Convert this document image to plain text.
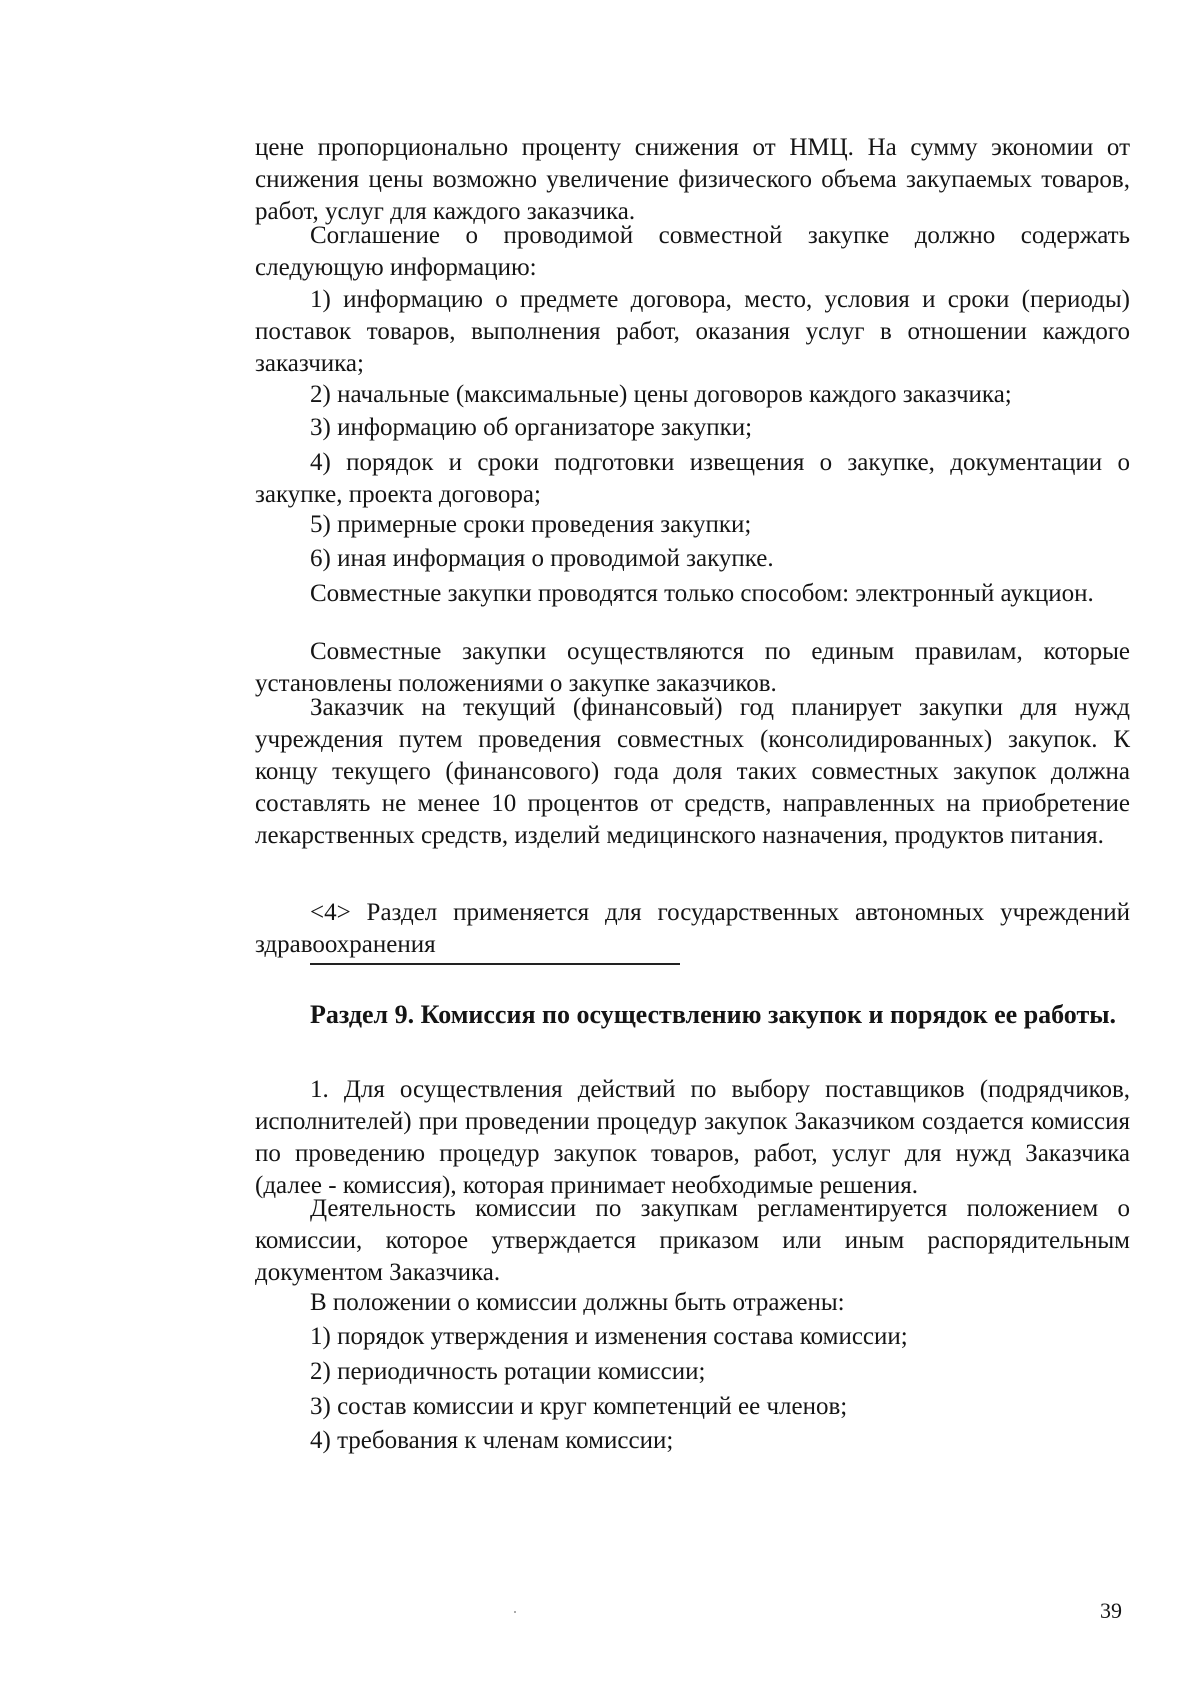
цене пропорционально проценту снижения от НМЦ. На сумму экономии от снижения цены возможно увеличение физического объема закупаемых товаров, работ, услуг для каждого заказчика.

Соглашение о проводимой совместной закупке должно содержать следующую информацию:

1) информацию о предмете договора, место, условия и сроки (периоды) поставок товаров, выполнения работ, оказания услуг в отношении каждого заказчика;

2) начальные (максимальные) цены договоров каждого заказчика;

3) информацию об организаторе закупки;

4) порядок и сроки подготовки извещения о закупке, документации о закупке, проекта договора;

5) примерные сроки проведения закупки;

6) иная информация о проводимой закупке.

Совместные закупки проводятся только способом: электронный аукцион.

Совместные закупки осуществляются по единым правилам, которые установлены положениями о закупке заказчиков.

Заказчик на текущий (финансовый) год планирует закупки для нужд учреждения путем проведения совместных (консолидированных) закупок. К концу текущего (финансового) года доля таких совместных закупок должна составлять не менее 10 процентов от средств, направленных на приобретение лекарственных средств, изделий медицинского назначения, продуктов питания.

<4> Раздел применяется для государственных автономных учреждений здравоохранения

Раздел 9. Комиссия по осуществлению закупок и порядок ее работы.

1. Для осуществления действий по выбору поставщиков (подрядчиков, исполнителей) при проведении процедур закупок Заказчиком создается комиссия по проведению процедур закупок товаров, работ, услуг для нужд Заказчика (далее - комиссия), которая принимает необходимые решения.

Деятельность комиссии по закупкам регламентируется положением о комиссии, которое утверждается приказом или иным распорядительным документом Заказчика.

В положении о комиссии должны быть отражены:

1) порядок утверждения и изменения состава комиссии;

2) периодичность ротации комиссии;

3) состав комиссии и круг компетенций ее членов;

4) требования к членам комиссии;

39
